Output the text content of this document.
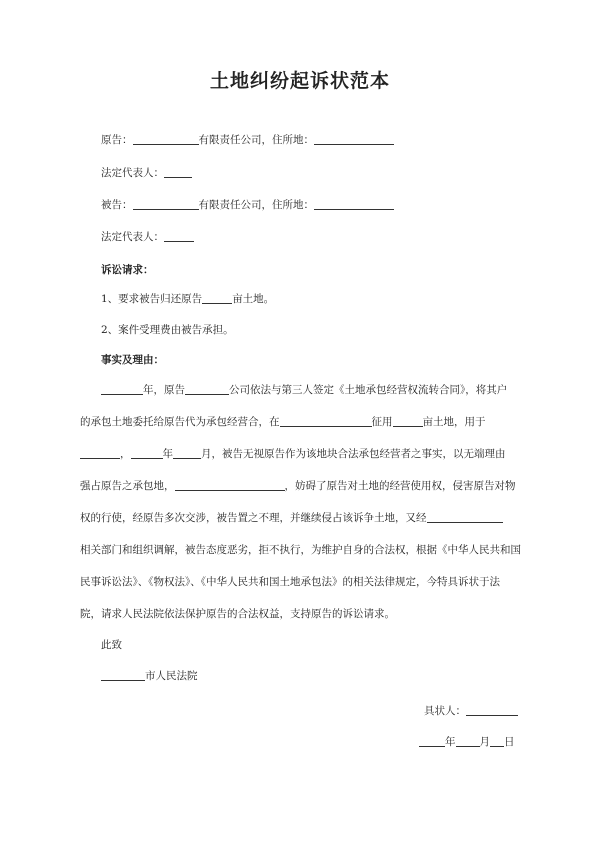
土地纠纷起诉状范本
原告：	有限责任公司，住所地：
法定代表人：
被告：	有限责任公司，住所地：
法定代表人：
诉讼请求：
1、要求被告归还原告	亩土地。
2、案件受理费由被告承担。
事实及理由：
年，原告	公司依法与第三人签定《土地承包经营权流转合同》，将其户
的承包土地委托给原告代为承包经营合，在	征用	亩土地，用于
，	年	月，被告无视原告作为该地块合法承包经营者之事实，以无端理由
强占原告之承包地，	，妨碍了原告对土地的经营使用权，侵害原告对物
权的行使，经原告多次交涉，被告置之不理，并继续侵占该诉争土地，又经
相关部门和组织调解，被告态度恶劣，拒不执行，为维护自身的合法权，根据《中华人民共和国
民事诉讼法》、《物权法》、《中华人民共和国土地承包法》的相关法律规定，今特具诉状于法
院，请求人民法院依法保护原告的合法权益，支持原告的诉讼请求。
此致
市人民法院
具状人：
年 月 日
